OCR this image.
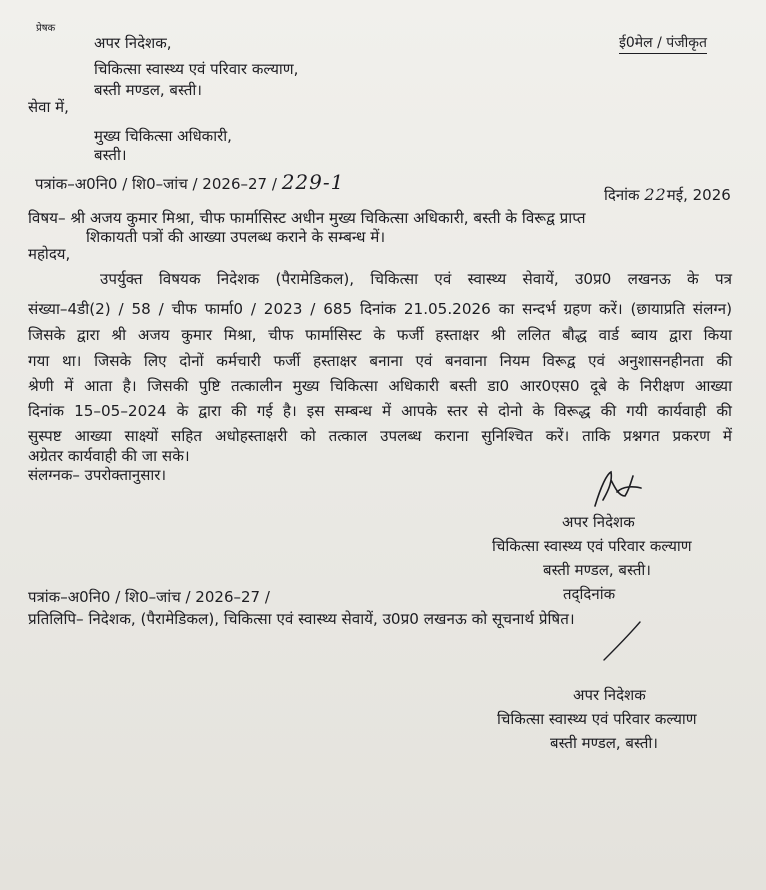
प्रेषक
ई0मेल / पंजीकृत
अपर निदेशक,
चिकित्सा स्वास्थ्य एवं परिवार कल्याण,
बस्ती मण्डल, बस्ती।
सेवा में,
मुख्य चिकित्सा अधिकारी,
बस्ती।
पत्रांक–अ0नि0 / शि0–जांच / 2026–27 / 229-1
दिनांक 22मई, 2026
विषय– श्री अजय कुमार मिश्रा, चीफ फार्मासिस्ट अधीन मुख्य चिकित्सा अधिकारी, बस्ती के विरूद्व प्राप्त
शिकायती पत्रों की आख्या उपलब्ध कराने के सम्बन्ध में।
महोदय,
उपर्युक्त विषयक निदेशक (पैरामेडिकल), चिकित्सा एवं स्वास्थ्य सेवायें, उ0प्र0 लखनऊ के पत्र
संख्या–4डी(2) / 58 / चीफ फार्मा0 / 2023 / 685 दिनांक 21.05.2026 का सन्दर्भ ग्रहण करें। (छायाप्रति संलग्न)
जिसके द्वारा श्री अजय कुमार मिश्रा, चीफ फार्मासिस्ट के फर्जी हस्ताक्षर श्री ललित बौद्ध वार्ड ब्वाय द्वारा किया
गया था। जिसके लिए दोनों कर्मचारी फर्जी हस्ताक्षर बनाना एवं बनवाना नियम विरूद्व एवं अनुशासनहीनता की
श्रेणी में आता है। जिसकी पुष्टि तत्कालीन मुख्य चिकित्सा अधिकारी बस्ती डा0 आर0एस0 दूबे के निरीक्षण आख्या
दिनांक 15–05–2024 के द्वारा की गई है। इस सम्बन्ध में आपके स्तर से दोनो के विरूद्ध की गयी कार्यवाही की
सुस्पष्ट आख्या साक्ष्यों सहित अधोहस्ताक्षरी को तत्काल उपलब्ध कराना सुनिश्चित करें। ताकि प्रश्नगत प्रकरण में
अग्रेतर कार्यवाही की जा सके।
संलग्नक– उपरोक्तानुसार।
अपर निदेशक
चिकित्सा स्वास्थ्य एवं परिवार कल्याण
बस्ती मण्डल, बस्ती।
पत्रांक–अ0नि0 / शि0–जांच / 2026–27 /	तद्‌दिनांक
प्रतिलिपि– निदेशक, (पैरामेडिकल), चिकित्सा एवं स्वास्थ्य सेवायें, उ0प्र0 लखनऊ को सूचनार्थ प्रेषित।
अपर निदेशक
चिकित्सा स्वास्थ्य एवं परिवार कल्याण
बस्ती मण्डल, बस्ती।
